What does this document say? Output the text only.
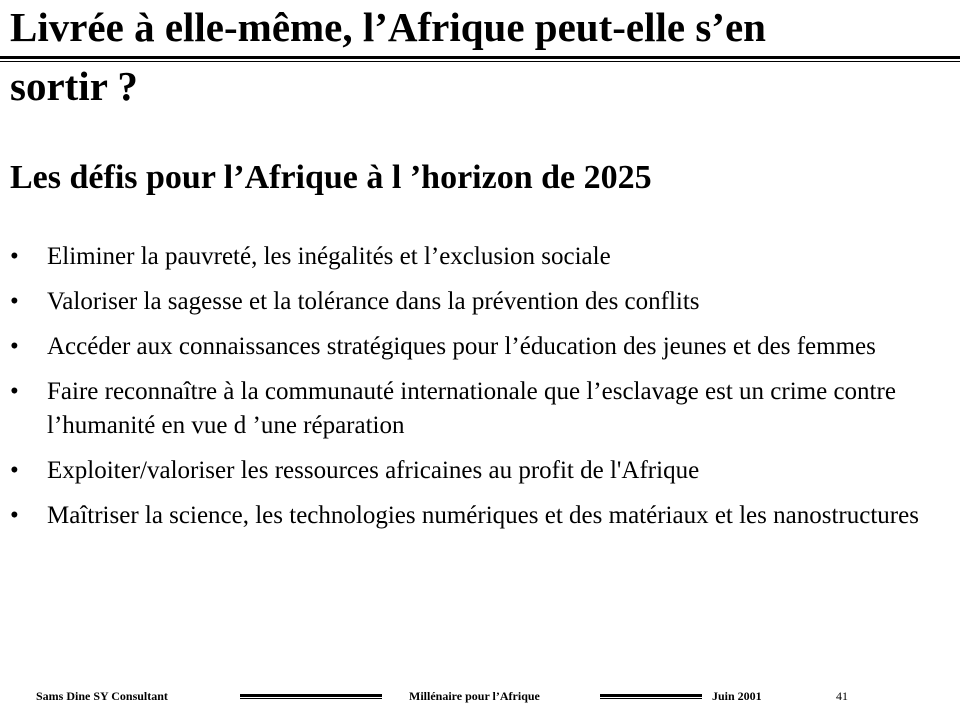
Livrée à elle-même, l’Afrique peut-elle s’en
sortir ?
Les défis pour l’Afrique à l ’horizon de 2025
• Eliminer la pauvreté, les inégalités et l’exclusion sociale
• Valoriser la sagesse et la tolérance dans la prévention des conflits
• Accéder aux connaissances stratégiques pour l’éducation des jeunes et des femmes
• Faire reconnaître à la communauté internationale que l’esclavage est un crime contre l’humanité en vue d ’une réparation
• Exploiter/valoriser les ressources africaines au profit de l'Afrique
• Maîtriser la science, les technologies numériques et des matériaux et les nanostructures
Sams Dine SY Consultant	Millénaire pour l’Afrique	Juin 2001	41
